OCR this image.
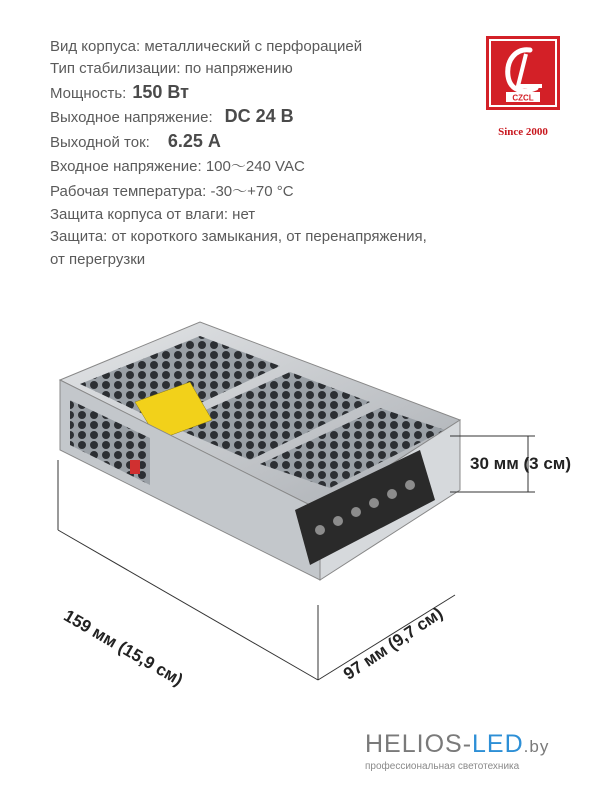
Вид корпуса: металлический с перфорацией
Тип стабилизации: по напряжению
Мощность: 150 Вт
Выходное напряжение: DC 24 В
Выходной ток: 6.25 А
Входное напряжение: 100～240 VAC
Рабочая температура: -30～+70 °С
Защита корпуса от влаги: нет
Защита: от короткого замыкания, от перенапряжения,
от перегрузки
CZCL
Since 2000
30 мм (3 см)
159 мм (15,9 см)	97 мм (9,7 см)
HELIOS-LED.by
профессиональная светотехника
